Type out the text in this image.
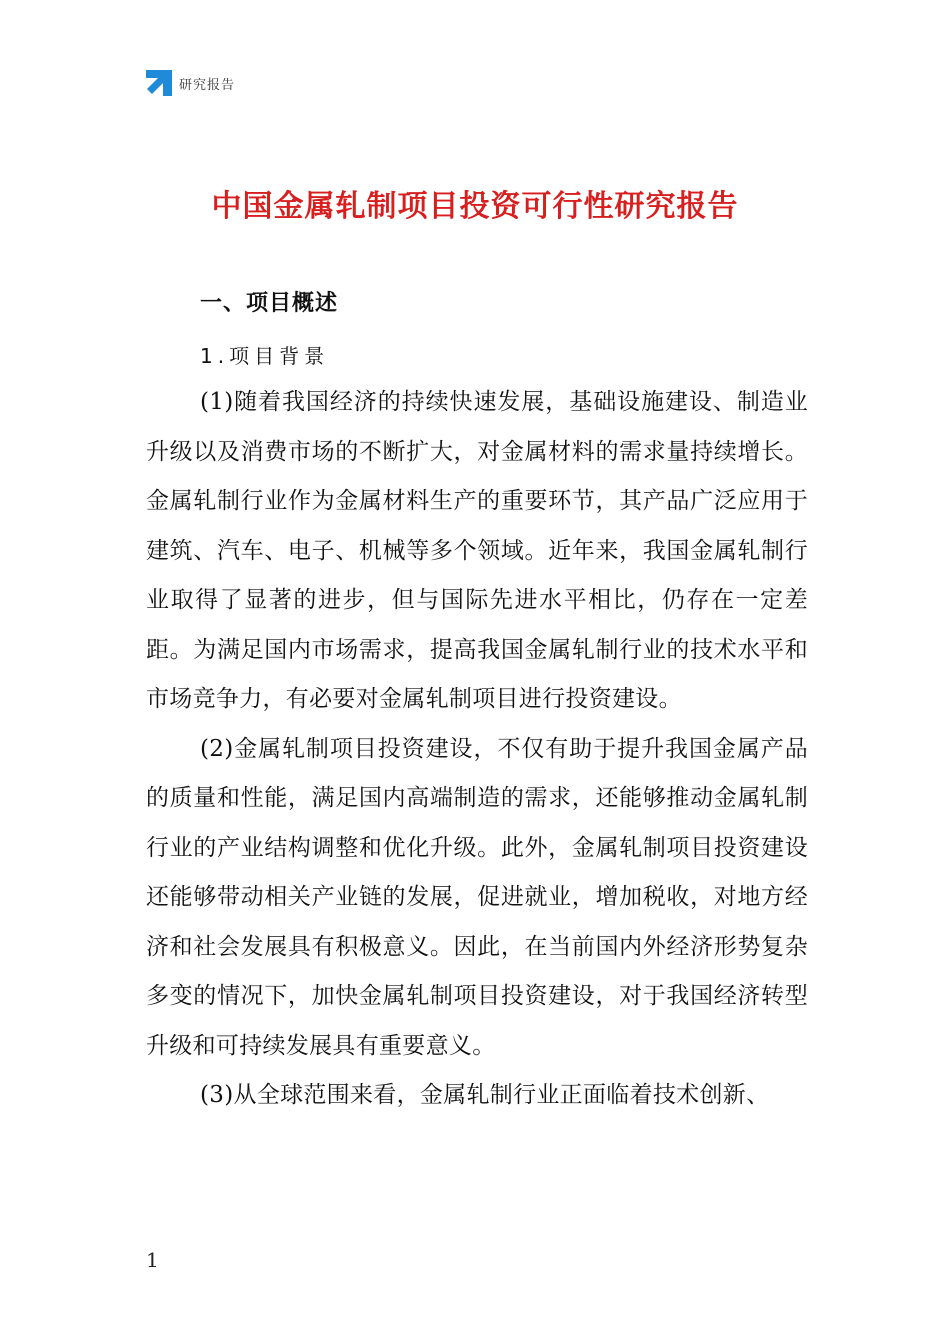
研究报告
中国金属轧制项目投资可行性研究报告
一、项目概述
1.项目背景

(1)随着我国经济的持续快速发展，基础设施建设、制造业升级以及消费市场的不断扩大，对金属材料的需求量持续增长。金属轧制行业作为金属材料生产的重要环节，其产品广泛应用于建筑、汽车、电子、机械等多个领域。近年来，我国金属轧制行业取得了显著的进步，但与国际先进水平相比，仍存在一定差距。为满足国内市场需求，提高我国金属轧制行业的技术水平和市场竞争力，有必要对金属轧制项目进行投资建设。

(2)金属轧制项目投资建设，不仅有助于提升我国金属产品的质量和性能，满足国内高端制造的需求，还能够推动金属轧制行业的产业结构调整和优化升级。此外，金属轧制项目投资建设还能够带动相关产业链的发展，促进就业，增加税收，对地方经济和社会发展具有积极意义。因此，在当前国内外经济形势复杂多变的情况下，加快金属轧制项目投资建设，对于我国经济转型升级和可持续发展具有重要意义。

(3)从全球范围来看，金属轧制行业正面临着技术创新、

1
